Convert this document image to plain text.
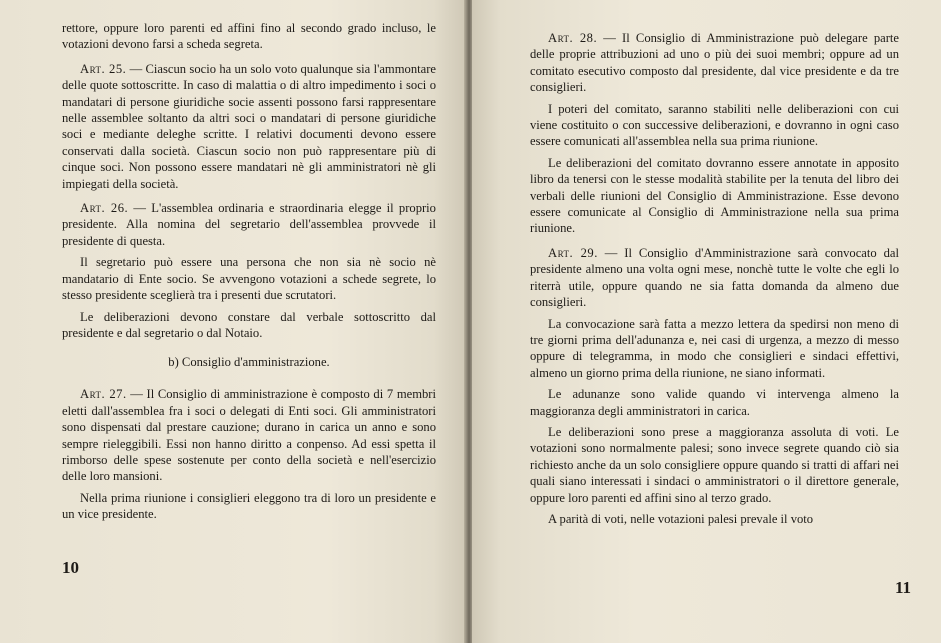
rettore, oppure loro parenti ed affini fino al secondo grado incluso, le votazioni devono farsi a scheda segreta.

Art. 25. — Ciascun socio ha un solo voto qualunque sia l'ammontare delle quote sottoscritte. In caso di malattia o di altro impedimento i soci o mandatari di persone giuridiche socie assenti possono farsi rappresentare nelle assemblee soltanto da altri soci o mandatari di persone giuridiche soci e mediante deleghe scritte. I relativi documenti devono essere conservati dalla società. Ciascun socio non può rappresentare più di cinque soci. Non possono essere mandatari nè gli amministratori nè gli impiegati della società.

Art. 26. — L'assemblea ordinaria e straordinaria elegge il proprio presidente. Alla nomina del segretario dell'assemblea provvede il presidente di questa.

Il segretario può essere una persona che non sia nè socio nè mandatario di Ente socio. Se avvengono votazioni a schede segrete, lo stesso presidente sceglierà tra i presenti due scrutatori.

Le deliberazioni devono constare dal verbale sottoscritto dal presidente e dal segretario o dal Notaio.

b) Consiglio d'amministrazione.

Art. 27. — Il Consiglio di amministrazione è composto di 7 membri eletti dall'assemblea fra i soci o delegati di Enti soci. Gli amministratori sono dispensati dal prestare cauzione; durano in carica un anno e sono sempre rieleggibili. Essi non hanno diritto a conpenso. Ad essi spetta il rimborso delle spese sostenute per conto della società e nell'esercizio delle loro mansioni.

Nella prima riunione i consiglieri eleggono tra di loro un presidente e un vice presidente.

10

Art. 28. — Il Consiglio di Amministrazione può delegare parte delle proprie attribuzioni ad uno o più dei suoi membri; oppure ad un comitato esecutivo composto dal presidente, dal vice presidente e da tre consiglieri.

I poteri del comitato, saranno stabiliti nelle deliberazioni con cui viene costituito o con successive deliberazioni, e dovranno in ogni caso essere comunicati all'assemblea nella sua prima riunione.

Le deliberazioni del comitato dovranno essere annotate in apposito libro da tenersi con le stesse modalità stabilite per la tenuta del libro dei verbali delle riunioni del Consiglio di Amministrazione. Esse devono essere comunicate al Consiglio di Amministrazione nella sua prima riunione.

Art. 29. — Il Consiglio d'Amministrazione sarà convocato dal presidente almeno una volta ogni mese, nonchè tutte le volte che egli lo riterrà utile, oppure quando ne sia fatta domanda da almeno due consiglieri.

La convocazione sarà fatta a mezzo lettera da spedirsi non meno di tre giorni prima dell'adunanza e, nei casi di urgenza, a mezzo di messo oppure di telegramma, in modo che consiglieri e sindaci effettivi, almeno un giorno prima della riunione, ne siano informati.

Le adunanze sono valide quando vi intervenga almeno la maggioranza degli amministratori in carica.

Le deliberazioni sono prese a maggioranza assoluta di voti. Le votazioni sono normalmente palesi; sono invece segrete quando ciò sia richiesto anche da un solo consigliere oppure quando si tratti di affari nei quali siano interessati i sindaci o amministratori o il direttore generale, oppure loro parenti ed affini sino al terzo grado.

A parità di voti, nelle votazioni palesi prevale il voto

11
